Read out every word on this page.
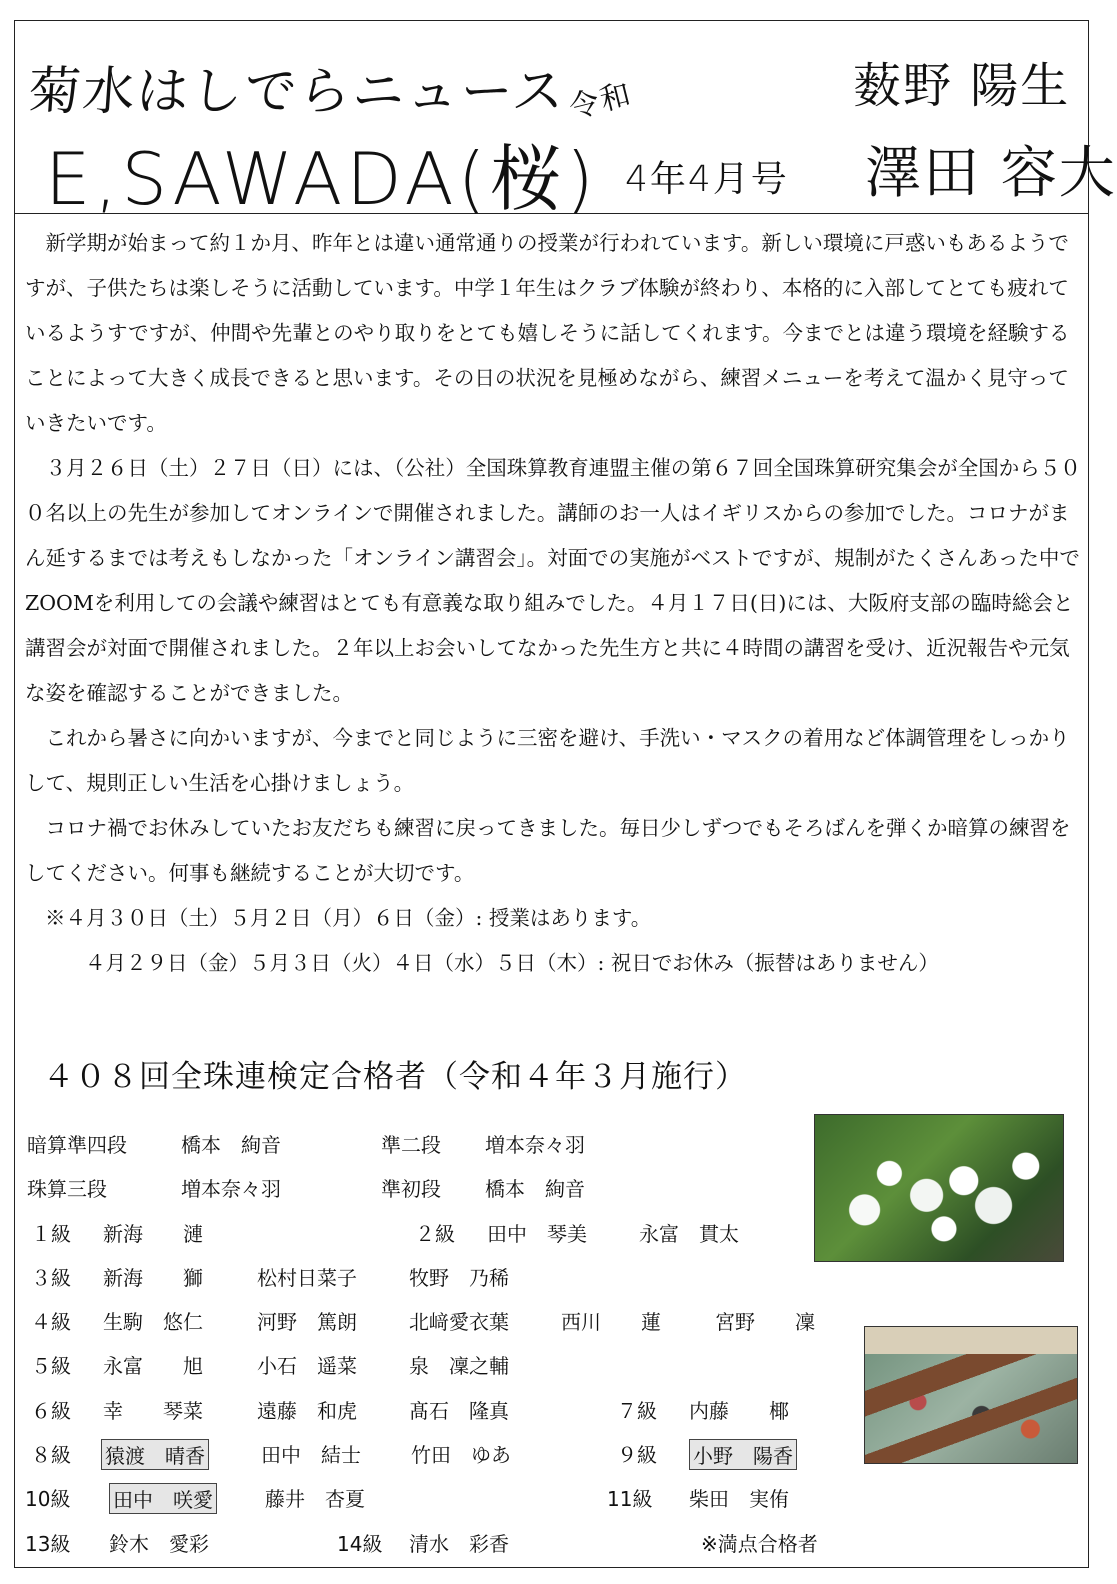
菊水はしでらニュース
E,SAWADA(桜)
令和
4年4月号
薮野 陽生
澤田 容大

新学期が始まって約１か月、昨年とは違い通常通りの授業が行われています。新しい環境に戸惑いもあるようですが、子供たちは楽しそうに活動しています。中学１年生はクラブ体験が終わり、本格的に入部してとても疲れているようすですが、仲間や先輩とのやり取りをとても嬉しそうに話してくれます。今までとは違う環境を経験することによって大きく成長できると思います。その日の状況を見極めながら、練習メニューを考えて温かく見守っていきたいです。

３月２６日（土）２７日（日）には、（公社）全国珠算教育連盟主催の第６７回全国珠算研究集会が全国から５００名以上の先生が参加してオンラインで開催されました。講師のお一人はイギリスからの参加でした。コロナがまん延するまでは考えもしなかった「オンライン講習会」。対面での実施がベストですが、規制がたくさんあった中でZOOMを利用しての会議や練習はとても有意義な取り組みでした。４月１７日(日)には、大阪府支部の臨時総会と講習会が対面で開催されました。２年以上お会いしてなかった先生方と共に４時間の講習を受け、近況報告や元気な姿を確認することができました。

これから暑さに向かいますが、今までと同じように三密を避け、手洗い・マスクの着用など体調管理をしっかりして、規則正しい生活を心掛けましょう。

コロナ禍でお休みしていたお友だちも練習に戻ってきました。毎日少しずつでもそろばんを弾くか暗算の練習をしてください。何事も継続することが大切です。

※４月３０日（土）５月２日（月）６日（金）: 授業はあります。
４月２９日（金）５月３日（火）４日（水）５日（木）: 祝日でお休み（振替はありません）
４０８回全珠連検定合格者（令和４年３月施行）
暗算準四段	橋本　絢音	準二段 増本奈々羽
珠算三段	増本奈々羽	準初段 橋本　絢音
１級 新海　　漣	２級 田中　琴美	永富　貫太
３級 新海　　獅	松村日菜子	牧野　乃稀
４級 生駒　悠仁	河野　篤朗	北﨑愛衣葉	西川　　蓮	宮野　　凜
５級 永富　　旭	小石　遥菜	泉　凜之輔
６級 幸　　琴菜	遠藤　和虎	髙石　隆真	７級 内藤　　椰
８級 猿渡　晴香	田中　結士	竹田　ゆあ	９級 小野　陽香
10級 田中　咲愛	藤井　杏夏	11級 柴田　実侑
13級 鈴木　愛彩	14級 清水　彩香	※満点合格者
